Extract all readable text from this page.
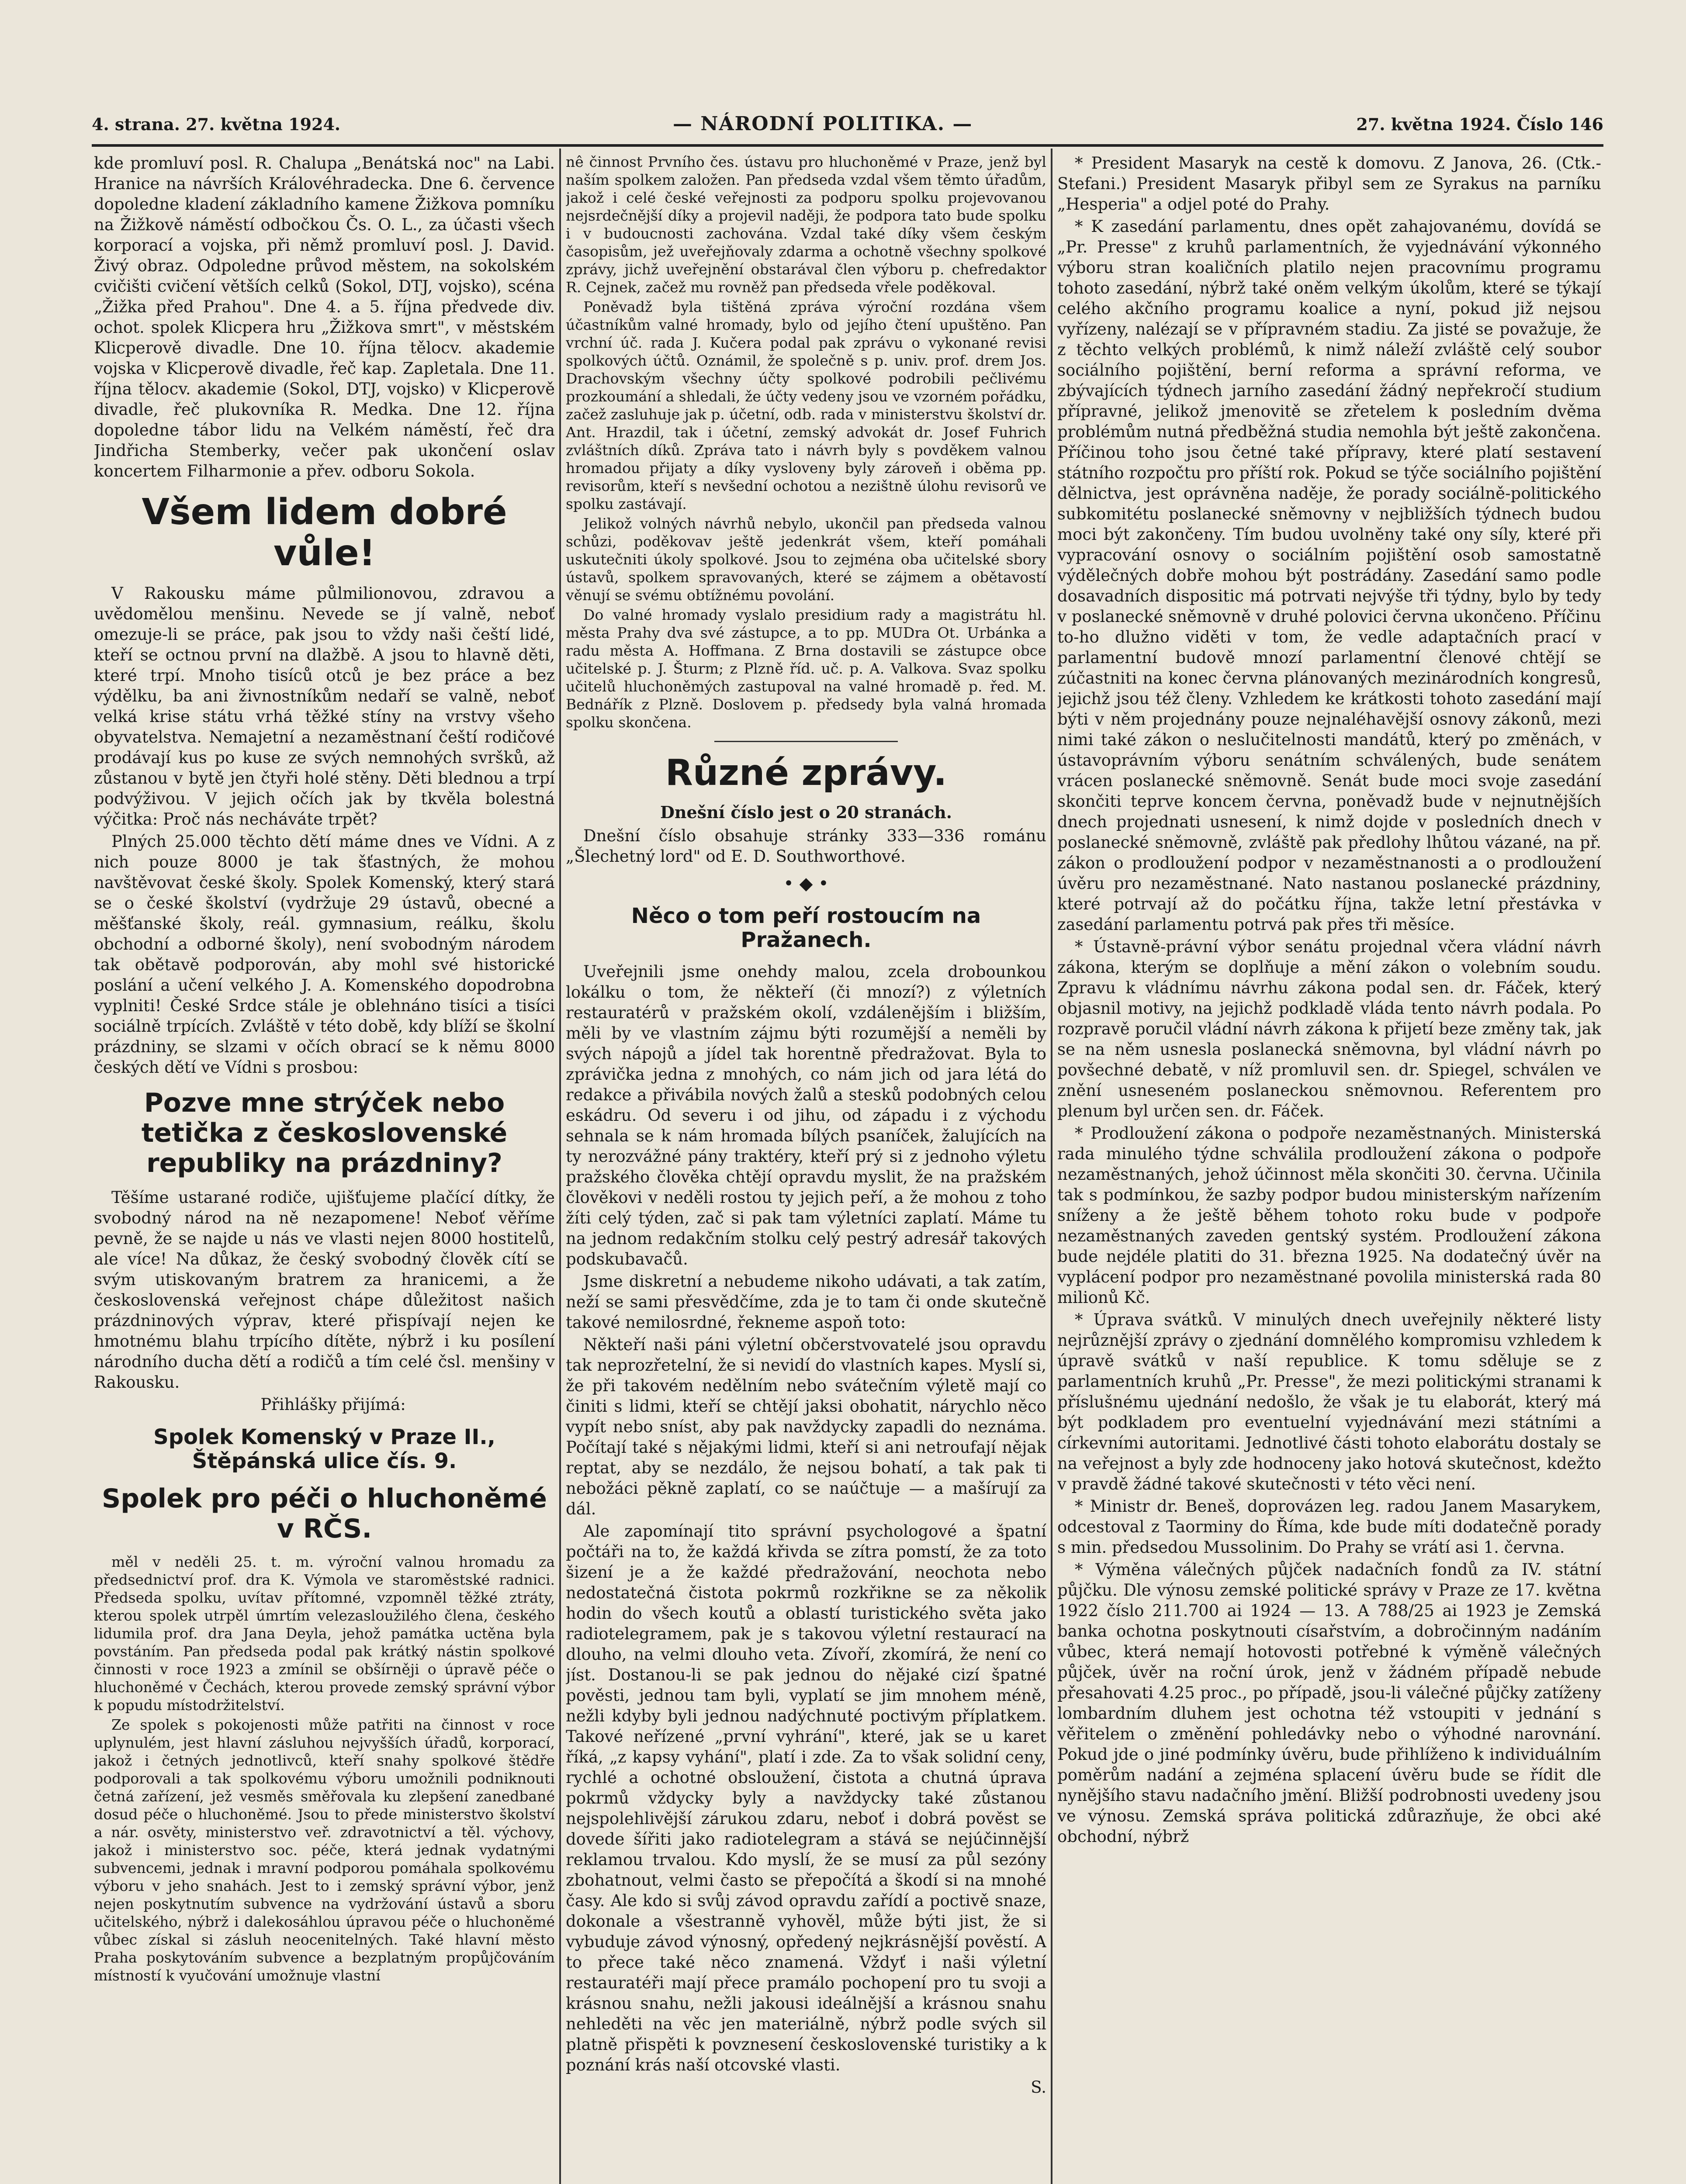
4. strana. 27. května 1924.	— NÁRODNÍ POLITIKA. —	27. května 1924. Číslo 146

kde promluví posl. R. Chalupa „Benátská noc" na Labi. Hranice na návrších Královéhradecka. Dne 6. července dopoledne kladení základního kamene Žižkova pomníku na Žižkově náměstí odbočkou Čs. O. L., za účasti všech korporací a vojska, při němž promluví posl. J. David. Živý obraz. Odpoledne průvod městem, na sokolském cvičišti cvičení větších celků (Sokol, DTJ, vojsko), scéna „Žižka před Prahou". Dne 4. a 5. října předvede div. ochot. spolek Klicpera hru „Žižkova smrt", v městském Klicperově divadle. Dne 10. října tělocv. akademie vojska v Klicperově divadle, řeč kap. Zapletala. Dne 11. října tělocv. akademie (Sokol, DTJ, vojsko) v Klicperově divadle, řeč plukovníka R. Medka. Dne 12. října dopoledne tábor lidu na Velkém náměstí, řeč dra Jindřicha Stemberky, večer pak ukončení oslav koncertem Filharmonie a přev. odboru Sokola.

Všem lidem dobré vůle!

V Rakousku máme půlmilionovou, zdravou a uvědomělou menšinu. Nevede se jí valně, neboť omezuje-li se práce, pak jsou to vždy naši čeští lidé, kteří se octnou první na dlažbě. A jsou to hlavně děti, které trpí. Mnoho tisíců otců je bez práce a bez výdělku, ba ani živnostníkům nedaří se valně, neboť velká krise státu vrhá těžké stíny na vrstvy všeho obyvatelstva. Nemajetní a nezaměstnaní čeští rodičové prodávají kus po kuse ze svých nemnohých svršků, až zůstanou v bytě jen čtyři holé stěny. Děti blednou a trpí podvýživou. V jejich očích jak by tkvěla bolestná výčitka: Proč nás necháváte trpět?

Plných 25.000 těchto dětí máme dnes ve Vídni. A z nich pouze 8000 je tak šťastných, že mohou navštěvovat české školy. Spolek Komenský, který stará se o české školství (vydržuje 29 ústavů, obecné a měšťanské školy, reál. gymnasium, reálku, školu obchodní a odborné školy), není svobodným národem tak obětavě podporován, aby mohl své historické poslání a učení velkého J. A. Komenského dopodrobna vyplniti! České Srdce stále je oblehnáno tisíci a tisíci sociálně trpících. Zvláště v této době, kdy blíží se školní prázdniny, se slzami v očích obrací se k němu 8000 českých dětí ve Vídni s prosbou:

Pozve mne strýček nebo tetička z československé republiky na prázdniny?

Těšíme ustarané rodiče, ujišťujeme plačící dítky, že svobodný národ na ně nezapomene! Neboť věříme pevně, že se najde u nás ve vlasti nejen 8000 hostitelů, ale více! Na důkaz, že český svobodný člověk cítí se svým utiskovaným bratrem za hranicemi, a že československá veřejnost chápe důležitost našich prázdninových výprav, které přispívají nejen ke hmotnému blahu trpícího dítěte, nýbrž i ku posílení národního ducha dětí a rodičů a tím celé čsl. menšiny v Rakousku.

Přihlášky přijímá:

Spolek Komenský v Praze II., Štěpánská ulice čís. 9.
Spolek pro péči o hluchoněmé v RČS.

měl v neděli 25. t. m. výroční valnou hromadu za předsednictví prof. dra K. Výmola ve staroměstské radnici. Předseda spolku, uvítav přítomné, vzpomněl těžké ztráty, kterou spolek utrpěl úmrtím velezasloužilého člena, českého lidumila prof. dra Jana Deyla, jehož památka uctěna byla povstáním. Pan předseda podal pak krátký nástin spolkové činnosti v roce 1923 a zmínil se obšírněji o úpravě péče o hluchoněmé v Čechách, kterou provede zemský správní výbor k popudu místodržitelství.

Ze spolek s pokojenosti může patřiti na činnost v roce uplynulém, jest hlavní zásluhou nejvyšších úřadů, korporací, jakož i četných jednotlivců, kteří snahy spolkové štědře podporovali a tak spolkovému výboru umožnili podniknouti četná zařízení, jež vesměs směřovala ku zlepšení zanedbané dosud péče o hluchoněmé. Jsou to přede ministerstvo školství a nár. osvěty, ministerstvo veř. zdravotnictví a těl. výchovy, jakož i ministerstvo soc. péče, která jednak vydatnými subvencemi, jednak i mravní podporou pomáhala spolkovému výboru v jeho snahách. Jest to i zemský správní výbor, jenž nejen poskytnutím subvence na vydržování ústavů a sboru učitelského, nýbrž i dalekosáhlou úpravou péče o hluchoněmé vůbec získal si zásluh neocenitelných. Také hlavní město Praha poskytováním subvence a bezplatným propůjčováním místností k vyučování umožnuje vlastní

nê činnost Prvního čes. ústavu pro hluchoněmé v Praze, jenž byl naším spolkem založen. Pan předseda vzdal všem těmto úřadům, jakož i celé české veřejnosti za podporu spolku projevovanou nejsrdečnější díky a projevil naději, že podpora tato bude spolku i v budoucnosti zachována. Vzdal také díky všem českým časopisům, jež uveřejňovaly zdarma a ochotně všechny spolkové zprávy, jichž uveřejnění obstarával člen výboru p. chefredaktor R. Cejnek, začež mu rovněž pan předseda vřele poděkoval.

Poněvadž byla tištěná zpráva výroční rozdána všem účastníkům valné hromady, bylo od jejího čtení upuštěno. Pan vrchní úč. rada J. Kučera podal pak zprávu o vykonané revisi spolkových účtů. Oznámil, že společně s p. univ. prof. drem Jos. Drachovským všechny účty spolkové podrobili pečlivému prozkoumání a shledali, že účty vedeny jsou ve vzorném pořádku, začež zasluhuje jak p. účetní, odb. rada v ministerstvu školství dr. Ant. Hrazdil, tak i účetní, zemský advokát dr. Josef Fuhrich zvláštních díků. Zpráva tato i návrh byly s povděkem valnou hromadou přijaty a díky vysloveny byly zároveň i oběma pp. revisorům, kteří s nevšední ochotou a nezištně úlohu revisorů ve spolku zastávají.

Jelikož volných návrhů nebylo, ukončil pan předseda valnou schůzi, poděkovav ještě jedenkrát všem, kteří pomáhali uskutečniti úkoly spolkové. Jsou to zejména oba učitelské sbory ústavů, spolkem spravovaných, které se zájmem a obětavostí věnují se svému obtížnému povolání.

Do valné hromady vyslalo presidium rady a magistrátu hl. města Prahy dva své zástupce, a to pp. MUDra Ot. Urbánka a radu města A. Hoffmana. Z Brna dostavili se zástupce obce učitelské p. J. Šturm; z Plzně říd. uč. p. A. Valkova. Svaz spolku učitelů hluchoněmých zastupoval na valné hromadě p. řed. M. Bednářík z Plzně. Doslovem p. předsedy byla valná hromada spolku skončena.

Různé zprávy.
Dnešní číslo jest o 20 stranách.

Dnešní číslo obsahuje stránky 333—336 románu „Šlechetný lord" od E. D. Southworthové.

• ◆ •
Něco o tom peří rostoucím na Pražanech.

Uveřejnili jsme onehdy malou, zcela drobounkou lokálku o tom, že někteří (či mnozí?) z výletních restauratérů v pražském okolí, vzdálenějším i bližším, měli by ve vlastním zájmu býti rozumější a neměli by svých nápojů a jídel tak horentně předražovat. Byla to zprávička jedna z mnohých, co nám jich od jara létá do redakce a přivábila nových žalů a stesků podobných celou eskádru. Od severu i od jihu, od západu i z východu sehnala se k nám hromada bílých psaníček, žalujících na ty nerozvážné pány traktéry, kteří prý si z jednoho výletu pražského člověka chtějí opravdu myslit, že na pražském člověkovi v neděli rostou ty jejich peří, a že mohou z toho žíti celý týden, zač si pak tam výletníci zaplatí. Máme tu na jednom redakčním stolku celý pestrý adresář takových podskubavačů.

Jsme diskretní a nebudeme nikoho udávati, a tak zatím, neží se sami přesvědčíme, zda je to tam či onde skutečně takové nemilosrdné, řekneme aspoň toto:

Někteří naši páni výletní občerstvovatelé jsou opravdu tak neprozřetelní, že si nevidí do vlastních kapes. Myslí si, že při takovém nedělním nebo svátečním výletě mají co činiti s lidmi, kteří se chtějí jaksi obohatit, nárychlo něco vypít nebo sníst, aby pak navždycky zapadli do neznáma. Počítají také s nějakými lidmi, kteří si ani netroufají nějak reptat, aby se nezdálo, že nejsou bohatí, a tak pak ti nebožáci pěkně zaplatí, co se naúčtuje — a mašírují za dál.

Ale zapomínají tito správní psychologové a špatní počtáři na to, že každá křivda se zítra pomstí, že za toto šizení je a že každé předražování, neochota nebo nedostatečná čistota pokrmů rozkřikne se za několik hodin do všech koutů a oblastí turistického světa jako radiotelegramem, pak je s takovou výletní restaurací na dlouho, na velmi dlouho veta. Zívoří, zkomírá, že není co jíst. Dostanou-li se pak jednou do nějaké cizí špatné pověsti, jednou tam byli, vyplatí se jim mnohem méně, nežli kdyby byli jednou nadýchnuté poctivým příplatkem. Takové neřízené „první vyhrání", které, jak se u karet říká, „z kapsy vyhání", platí i zde. Za to však solidní ceny, rychlé a ochotné obsloužení, čistota a chutná úprava pokrmů vždycky byly a navždycky také zůstanou nejspolehlivější zárukou zdaru, neboť i dobrá pověst se dovede šířiti jako radiotelegram a stává se nejúčinnější reklamou trvalou. Kdo myslí, že se musí za půl sezóny zbohatnout, velmi často se přepočítá a škodí si na mnohé časy. Ale kdo si svůj závod opravdu zařídí a poctivě snaze, dokonale a všestranně vyhověl, může býti jist, že si vybuduje závod výnosný, opředený nejkrásnější pověstí. A to přece také něco znamená. Vždyť i naši výletní restauratéři mají přece pramálo pochopení pro tu svoji a krásnou snahu, nežli jakousi ideálnější a krásnou snahu nehleděti na věc jen materiálně, nýbrž podle svých sil platně přispěti k povznesení československé turistiky a k poznání krás naší otcovské vlasti.

S.

* President Masaryk na cestě k domovu. Z Janova, 26. (Ctk.-Stefani.) President Masaryk přibyl sem ze Syrakus na parníku „Hesperia" a odjel poté do Prahy.

* K zasedání parlamentu, dnes opět zahajovanému, dovídá se „Pr. Presse" z kruhů parlamentních, že vyjednávání výkonného výboru stran koaličních platilo nejen pracovnímu programu tohoto zasedání, nýbrž také oněm velkým úkolům, které se týkají celého akčního programu koalice a nyní, pokud již nejsou vyřízeny, nalézají se v přípravném stadiu. Za jisté se považuje, že z těchto velkých problémů, k nimž náleží zvláště celý soubor sociálního pojištění, berní reforma a správní reforma, ve zbývajících týdnech jarního zasedání žádný nepřekročí studium přípravné, jelikož jmenovitě se zřetelem k posledním dvěma problémům nutná předběžná studia nemohla být ještě zakončena. Příčinou toho jsou četné také přípravy, které platí sestavení státního rozpočtu pro příští rok. Pokud se týče sociálního pojištění dělnictva, jest oprávněna naděje, že porady sociálně-politického subkomitétu poslanecké sněmovny v nejbližších týdnech budou moci být zakončeny. Tím budou uvolněny také ony síly, které při vypracování osnovy o sociálním pojištění osob samostatně výdělečných dobře mohou být postrádány. Zasedání samo podle dosavadních dispositic má potrvati nejvýše tři týdny, bylo by tedy v poslanecké sněmovně v druhé polovici června ukončeno. Příčinu to-ho dlužno viděti v tom, že vedle adaptačních prací v parlamentní budově mnozí parlamentní členové chtějí se zúčastniti na konec června plánovaných mezinárodních kongresů, jejichž jsou též členy. Vzhledem ke krátkosti tohoto zasedání mají býti v něm projednány pouze nejnaléhavější osnovy zákonů, mezi nimi také zákon o neslučitelnosti mandátů, který po změnách, v ústavoprávním výboru senátním schválených, bude senátem vrácen poslanecké sněmovně. Senát bude moci svoje zasedání skončiti teprve koncem června, poněvadž bude v nejnutnějších dnech projednati usnesení, k nimž dojde v posledních dnech v poslanecké sněmovně, zvláště pak předlohy lhůtou vázané, na př. zákon o prodloužení podpor v nezaměstnanosti a o prodloužení úvěru pro nezaměstnané. Nato nastanou poslanecké prázdniny, které potrvají až do počátku října, takže letní přestávka v zasedání parlamentu potrvá pak přes tři měsíce.

* Ústavně-právní výbor senátu projednal včera vládní návrh zákona, kterým se doplňuje a mění zákon o volebním soudu. Zpravu k vládnímu návrhu zákona podal sen. dr. Fáček, který objasnil motivy, na jejichž podkladě vláda tento návrh podala. Po rozpravě poručil vládní návrh zákona k přijetí beze změny tak, jak se na něm usnesla poslanecká sněmovna, byl vládní návrh po povšechné debatě, v níž promluvil sen. dr. Spiegel, schválen ve znění usneseném poslaneckou sněmovnou. Referentem pro plenum byl určen sen. dr. Fáček.

* Prodloužení zákona o podpoře nezaměstnaných. Ministerská rada minulého týdne schválila prodloužení zákona o podpoře nezaměstnaných, jehož účinnost měla skončiti 30. června. Učinila tak s podmínkou, že sazby podpor budou ministerským nařízením sníženy a že ještě během tohoto roku bude v podpoře nezaměstnaných zaveden gentský systém. Prodloužení zákona bude nejdéle platiti do 31. března 1925. Na dodatečný úvěr na vyplácení podpor pro nezaměstnané povolila ministerská rada 80 milionů Kč.

* Úprava svátků. V minulých dnech uveřejnily některé listy nejrůznější zprávy o zjednání domnělého kompromisu vzhledem k úpravě svátků v naší republice. K tomu sděluje se z parlamentních kruhů „Pr. Presse", že mezi politickými stranami k příslušnému ujednání nedošlo, že však je tu elaborát, který má být podkladem pro eventuelní vyjednávání mezi státními a církevními autoritami. Jednotlivé části tohoto elaborátu dostaly se na veřejnost a byly zde hodnoceny jako hotová skutečnost, kdežto v pravdě žádné takové skutečnosti v této věci není.

* Ministr dr. Beneš, doprovázen leg. radou Janem Masarykem, odcestoval z Taorminy do Říma, kde bude míti dodatečně porady s min. předsedou Mussolinim. Do Prahy se vrátí asi 1. června.

* Výměna válečných půjček nadačních fondů za IV. státní půjčku. Dle výnosu zemské politické správy v Praze ze 17. května 1922 číslo 211.700 ai 1924 — 13. A 788/25 ai 1923 je Zemská banka ochotna poskytnouti císařstvím, a dobročinným nadáním vůbec, která nemají hotovosti potřebné k výměně válečných půjček, úvěr na roční úrok, jenž v žádném případě nebude přesahovati 4.25 proc., po případě, jsou-li válečné půjčky zatíženy lombardním dluhem jest ochotna též vstoupiti v jednání s věřitelem o změnění pohledávky nebo o výhodné narovnání. Pokud jde o jiné podmínky úvěru, bude přihlíženo k individuálním poměrům nadání a zejména splacení úvěru bude se řídit dle nynějšího stavu nadačního jmění. Bližší podrobnosti uvedeny jsou ve výnosu. Zemská správa politická zdůrazňuje, že obci aké obchodní, nýbrž
